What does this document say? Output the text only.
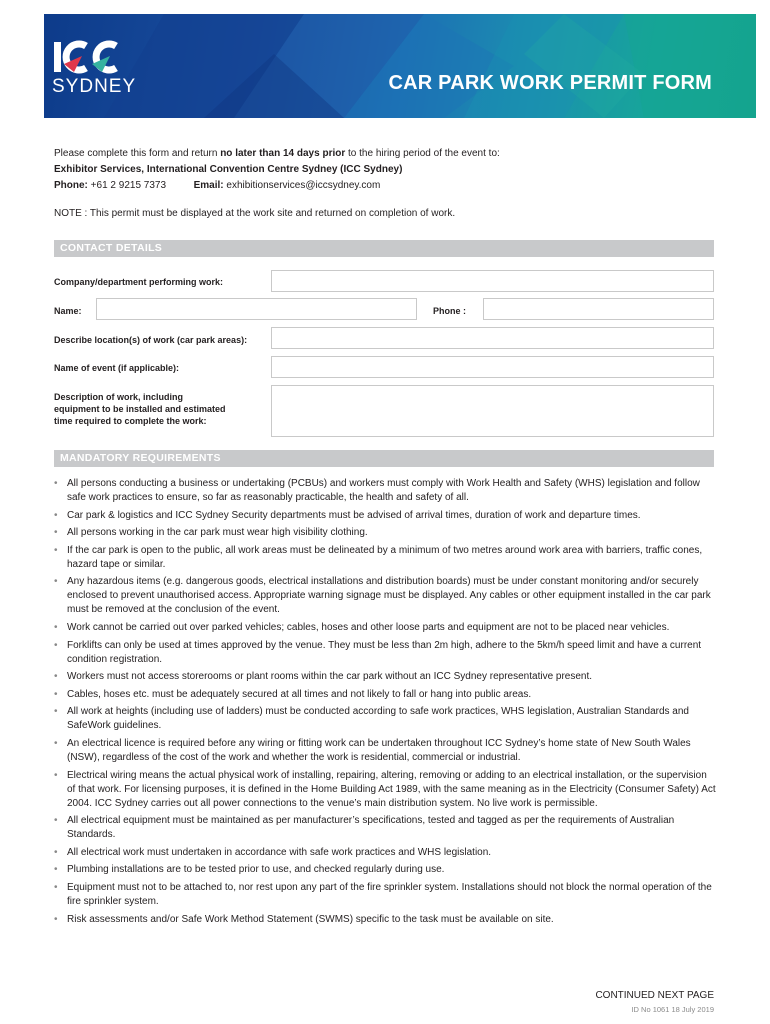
SYDNEY	CAR PARK WORK PERMIT FORM
Please complete this form and return no later than 14 days prior to the hiring period of the event to:
Exhibitor Services, International Convention Centre Sydney (ICC Sydney)
Phone: +61 2 9215 7373	Email: exhibitionservices@iccsydney.com
NOTE : This permit must be displayed at the work site and returned on completion of work.
CONTACT DETAILS
Company/department performing work:
Name:	Phone :
Describe location(s) of work (car park areas):
Name of event (if applicable):
Description of work, including
equipment to be installed and estimated
time required to complete the work:
MANDATORY REQUIREMENTS
• All persons conducting a business or undertaking (PCBUs) and workers must comply with Work Health and Safety (WHS) legislation and follow safe work practices to ensure, so far as reasonably practicable, the health and safety of all.
• Car park & logistics and ICC Sydney Security departments must be advised of arrival times, duration of work and departure times.
• All persons working in the car park must wear high visibility clothing.
• If the car park is open to the public, all work areas must be delineated by a minimum of two metres around work area with barriers, traffic cones, hazard tape or similar.
• Any hazardous items (e.g. dangerous goods, electrical installations and distribution boards) must be under constant monitoring and/or securely enclosed to prevent unauthorised access. Appropriate warning signage must be displayed. Any cables or other equipment installed in the car park must be removed at the conclusion of the event.
• Work cannot be carried out over parked vehicles; cables, hoses and other loose parts and equipment are not to be placed near vehicles.
• Forklifts can only be used at times approved by the venue. They must be less than 2m high, adhere to the 5km/h speed limit and have a current condition registration.
• Workers must not access storerooms or plant rooms within the car park without an ICC Sydney representative present.
• Cables, hoses etc. must be adequately secured at all times and not likely to fall or hang into public areas.
• All work at heights (including use of ladders) must be conducted according to safe work practices, WHS legislation, Australian Standards and SafeWork guidelines.
• An electrical licence is required before any wiring or fitting work can be undertaken throughout ICC Sydney’s home state of New South Wales (NSW), regardless of the cost of the work and whether the work is residential, commercial or industrial.
• Electrical wiring means the actual physical work of installing, repairing, altering, removing or adding to an electrical installation, or the supervision of that work. For licensing purposes, it is defined in the Home Building Act 1989, with the same meaning as in the Electricity (Consumer Safety) Act 2004. ICC Sydney carries out all power connections to the venue’s main distribution system. No live work is permissible.
• All electrical equipment must be maintained as per manufacturer’s specifications, tested and tagged as per the requirements of Australian Standards.
• All electrical work must undertaken in accordance with safe work practices and WHS legislation.
• Plumbing installations are to be tested prior to use, and checked regularly during use.
• Equipment must not to be attached to, nor rest upon any part of the fire sprinkler system. Installations should not block the normal operation of the fire sprinkler system.
• Risk assessments and/or Safe Work Method Statement (SWMS) specific to the task must be available on site.
CONTINUED NEXT PAGE
ID No 1061 18 July 2019
